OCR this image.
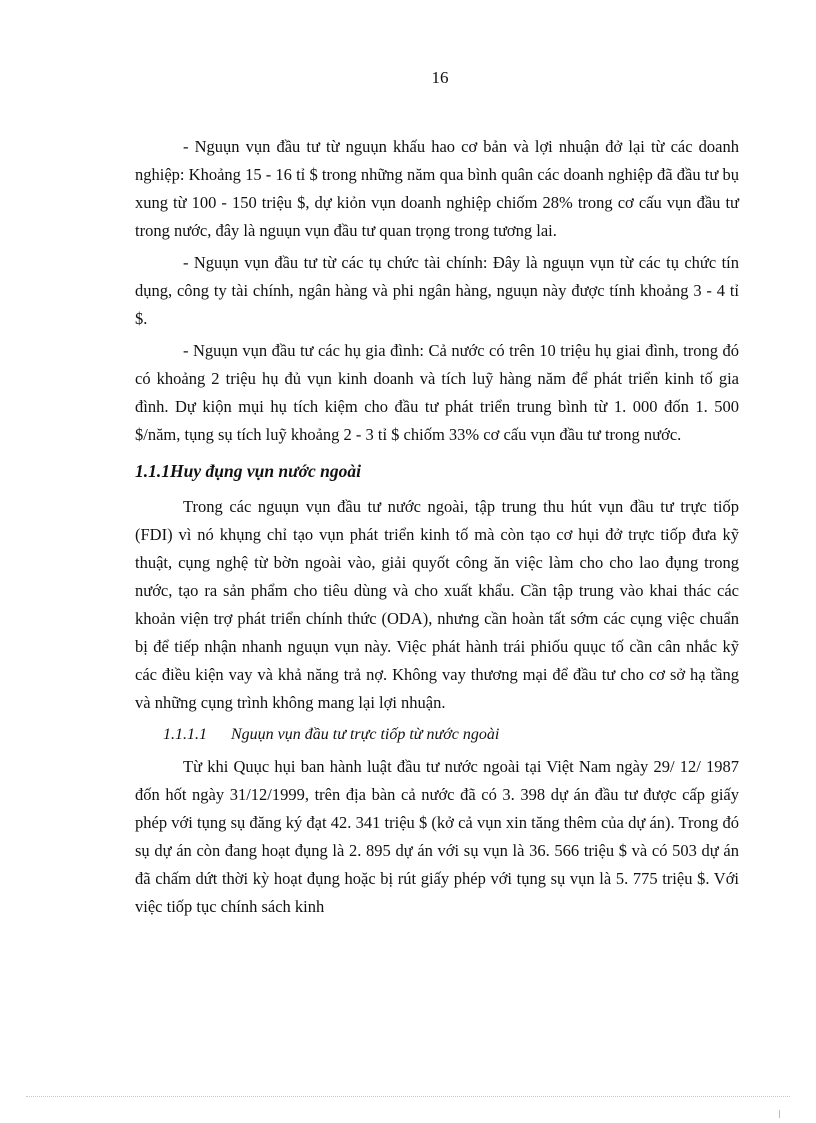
16

- Nguụn vụn đầu tư từ nguụn khấu hao cơ bản và lợi nhuận đở lại từ các doanh nghiệp: Khoảng 15 - 16 tỉ $ trong những năm qua bình quân các doanh nghiệp đã đầu tư bụ xung từ 100 - 150 triệu $, dự kiỏn vụn doanh nghiệp chiốm 28% trong cơ cấu vụn đầu tư trong nước, đây là nguụn vụn đầu tư quan trọng trong tương lai.

- Nguụn vụn đầu tư từ các tụ chức tài chính: Đây là nguụn vụn từ các tụ chức tín dụng, công ty tài chính, ngân hàng và phi ngân hàng, nguụn này được tính khoảng 3 - 4 tỉ $.

- Nguụn vụn đầu tư các hụ gia đình: Cả nước có trên 10 triệu hụ giai đình, trong đó có khoảng 2 triệu hụ đủ vụn kinh doanh và tích luỹ hàng năm để phát triển kinh tố gia đình. Dự kiộn mụi hụ tích kiệm cho đầu tư phát triển trung bình từ 1. 000 đốn 1. 500 $/năm, tụng sụ tích luỹ khoảng 2 - 3 tỉ $ chiốm 33% cơ cấu vụn đầu tư trong nước.

1.1.1Huy đụng vụn nước ngoài

Trong các nguụn vụn đầu tư nước ngoài, tập trung thu hút vụn đầu tư trực tiốp (FDI) vì nó khụng chỉ tạo vụn phát triển kinh tố mà còn tạo cơ hụi đở trực tiốp đưa kỹ thuật, cụng nghệ từ bờn ngoài vào, giải quyốt công ăn việc làm cho cho lao đụng trong nước, tạo ra sản phẩm cho tiêu dùng và cho xuất khẩu. Cần tập trung vào khai thác các khoản viện trợ phát triển chính thức (ODA), nhưng cần hoàn tất sớm các cụng việc chuẩn bị để tiếp nhận nhanh nguụn vụn này. Việc phát hành trái phiốu quục tố cần cân nhắc kỹ các điều kiện vay và khả năng trả nợ. Không vay thương mại để đầu tư cho cơ sở hạ tầng và những cụng trình không mang lại lợi nhuận.

1.1.1.1 Nguụn vụn đầu tư trực tiốp từ nước ngoài

Từ khi Quục hụi ban hành luật đầu tư nước ngoài tại Việt Nam ngày 29/ 12/ 1987 đốn hốt ngày 31/12/1999, trên địa bàn cả nước đã có 3. 398 dự án đầu tư được cấp giấy phép với tụng sụ đăng ký đạt 42. 341 triệu $ (kở cả vụn xin tăng thêm của dự án). Trong đó sụ dự án còn đang hoạt đụng là 2. 895 dự án với sụ vụn là 36. 566 triệu $ và có 503 dự án đã chấm dứt thời kỳ hoạt đụng hoặc bị rút giấy phép với tụng sụ vụn là 5. 775 triệu $. Với việc tiốp tục chính sách kinh
